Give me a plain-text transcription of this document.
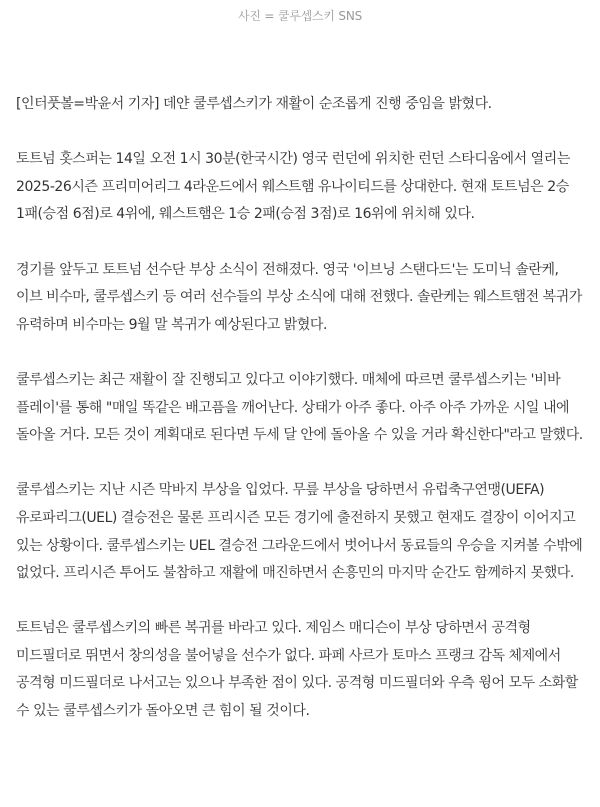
사진 = 쿨루셉스키 SNS

[인터풋볼=박윤서 기자] 데얀 쿨루셉스키가 재활이 순조롭게 진행 중임을 밝혔다.

토트넘 홋스퍼는 14일 오전 1시 30분(한국시간) 영국 런던에 위치한 런던 스타디움에서 열리는 2025-26시즌 프리미어리그 4라운드에서 웨스트햄 유나이티드를 상대한다. 현재 토트넘은 2승 1패(승점 6점)로 4위에, 웨스트햄은 1승 2패(승점 3점)로 16위에 위치해 있다.

경기를 앞두고 토트넘 선수단 부상 소식이 전해졌다. 영국 '이브닝 스탠다드'는 도미닉 솔란케, 이브 비수마, 쿨루셉스키 등 여러 선수들의 부상 소식에 대해 전했다. 솔란케는 웨스트햄전 복귀가 유력하며 비수마는 9월 말 복귀가 예상된다고 밝혔다.

쿨루셉스키는 최근 재활이 잘 진행되고 있다고 이야기했다. 매체에 따르면 쿨루셉스키는 '비바 플레이'를 통해 "매일 똑같은 배고픔을 깨어난다. 상태가 아주 좋다. 아주 아주 가까운 시일 내에 돌아올 거다. 모든 것이 계획대로 된다면 두세 달 안에 돌아올 수 있을 거라 확신한다"라고 말했다.

쿨루셉스키는 지난 시즌 막바지 부상을 입었다. 무릎 부상을 당하면서 유럽축구연맹(UEFA) 유로파리그(UEL) 결승전은 물론 프리시즌 모든 경기에 출전하지 못했고 현재도 결장이 이어지고 있는 상황이다. 쿨루셉스키는 UEL 결승전 그라운드에서 벗어나서 동료들의 우승을 지켜볼 수밖에 없었다. 프리시즌 투어도 불참하고 재활에 매진하면서 손흥민의 마지막 순간도 함께하지 못했다.

토트넘은 쿨루셉스키의 빠른 복귀를 바라고 있다. 제임스 매디슨이 부상 당하면서 공격형 미드필더로 뛰면서 창의성을 불어넣을 선수가 없다. 파페 사르가 토마스 프랭크 감독 체제에서 공격형 미드필더로 나서고는 있으나 부족한 점이 있다. 공격형 미드필더와 우측 윙어 모두 소화할 수 있는 쿨루셉스키가 돌아오면 큰 힘이 될 것이다.
